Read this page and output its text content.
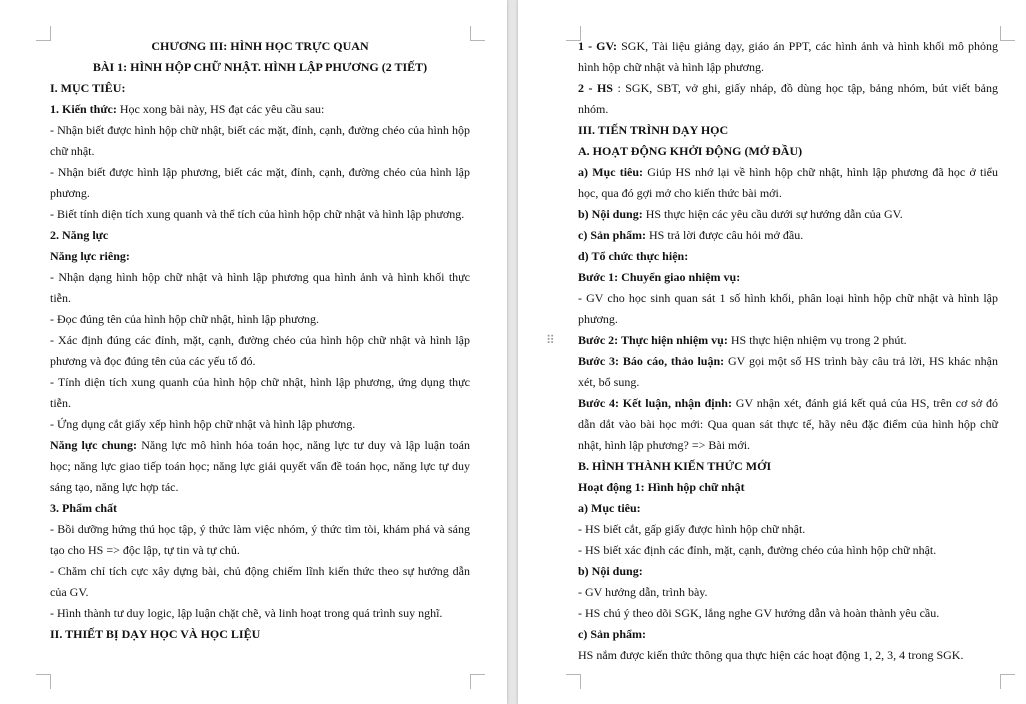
CHƯƠNG III: HÌNH HỌC TRỰC QUAN

BÀI 1: HÌNH HỘP CHỮ NHẬT. HÌNH LẬP PHƯƠNG (2 TIẾT)

I. MỤC TIÊU:

1. Kiến thức: Học xong bài này, HS đạt các yêu cầu sau:

- Nhận biết được hình hộp chữ nhật, biết các mặt, đỉnh, cạnh, đường chéo của hình hộp chữ nhật.

- Nhận biết được hình lập phương, biết các mặt, đỉnh, cạnh, đường chéo của hình lập phương.

- Biết tính diện tích xung quanh và thể tích của hình hộp chữ nhật và hình lập phương.

2. Năng lực

Năng lực riêng:

- Nhận dạng hình hộp chữ nhật và hình lập phương qua hình ảnh và hình khối thực tiễn.

- Đọc đúng tên của hình hộp chữ nhật, hình lập phương.

- Xác định đúng các đỉnh, mặt, cạnh, đường chéo của hình hộp chữ nhật và hình lập phương và đọc đúng tên của các yếu tố đó.

- Tính diện tích xung quanh của hình hộp chữ nhật, hình lập phương, ứng dụng thực tiễn.

- Ứng dụng cắt giấy xếp hình hộp chữ nhật và hình lập phương.

Năng lực chung: Năng lực mô hình hóa toán học, năng lực tư duy và lập luận toán học; năng lực giao tiếp toán học; năng lực giải quyết vấn đề toán học, năng lực tự duy sáng tạo, năng lực hợp tác.

3. Phẩm chất

- Bồi dưỡng hứng thú học tập, ý thức làm việc nhóm, ý thức tìm tòi, khám phá và sáng tạo cho HS => độc lập, tự tin và tự chủ.

- Chăm chỉ tích cực xây dựng bài, chủ động chiếm lĩnh kiến thức theo sự hướng dẫn của GV.

- Hình thành tư duy logic, lập luận chặt chẽ, và linh hoạt trong quá trình suy nghĩ.

II. THIẾT BỊ DẠY HỌC VÀ HỌC LIỆU

1 - GV: SGK, Tài liệu giảng dạy, giáo án PPT, các hình ảnh và hình khối mô phỏng hình hộp chữ nhật và hình lập phương.

2 - HS : SGK, SBT, vở ghi, giấy nháp, đồ dùng học tập, bảng nhóm, bút viết bảng nhóm.

III. TIẾN TRÌNH DẠY HỌC

A. HOẠT ĐỘNG KHỞI ĐỘNG (MỞ ĐẦU)

a) Mục tiêu: Giúp HS nhớ lại về hình hộp chữ nhật, hình lập phương đã học ở tiểu học, qua đó gợi mở cho kiến thức bài mới.

b) Nội dung: HS thực hiện các yêu cầu dưới sự hướng dẫn của GV.

c) Sản phẩm: HS trả lời được câu hỏi mở đầu.

d) Tổ chức thực hiện:

Bước 1: Chuyển giao nhiệm vụ:

- GV cho học sinh quan sát 1 số hình khối, phân loại hình hộp chữ nhật và hình lập phương.

Bước 2: Thực hiện nhiệm vụ: HS thực hiện nhiệm vụ trong 2 phút.

Bước 3: Báo cáo, thảo luận: GV gọi một số HS trình bày câu trả lời, HS khác nhận xét, bổ sung.

Bước 4: Kết luận, nhận định: GV nhận xét, đánh giá kết quả của HS, trên cơ sở đó dẫn dắt vào bài học mới: Qua quan sát thực tế, hãy nêu đặc điểm của hình hộp chữ nhật, hình lập phương? => Bài mới.

B. HÌNH THÀNH KIẾN THỨC MỚI

Hoạt động 1: Hình hộp chữ nhật

a) Mục tiêu:

- HS biết cắt, gấp giấy được hình hộp chữ nhật.

- HS biết xác định các đỉnh, mặt, cạnh, đường chéo của hình hộp chữ nhật.

b) Nội dung:

- GV hướng dẫn, trình bày.

- HS chú ý theo dõi SGK, lắng nghe GV hướng dẫn và hoàn thành yêu cầu.

c) Sản phẩm:

HS nắm được kiến thức thông qua thực hiện các hoạt động 1, 2, 3, 4 trong SGK.

⠿
